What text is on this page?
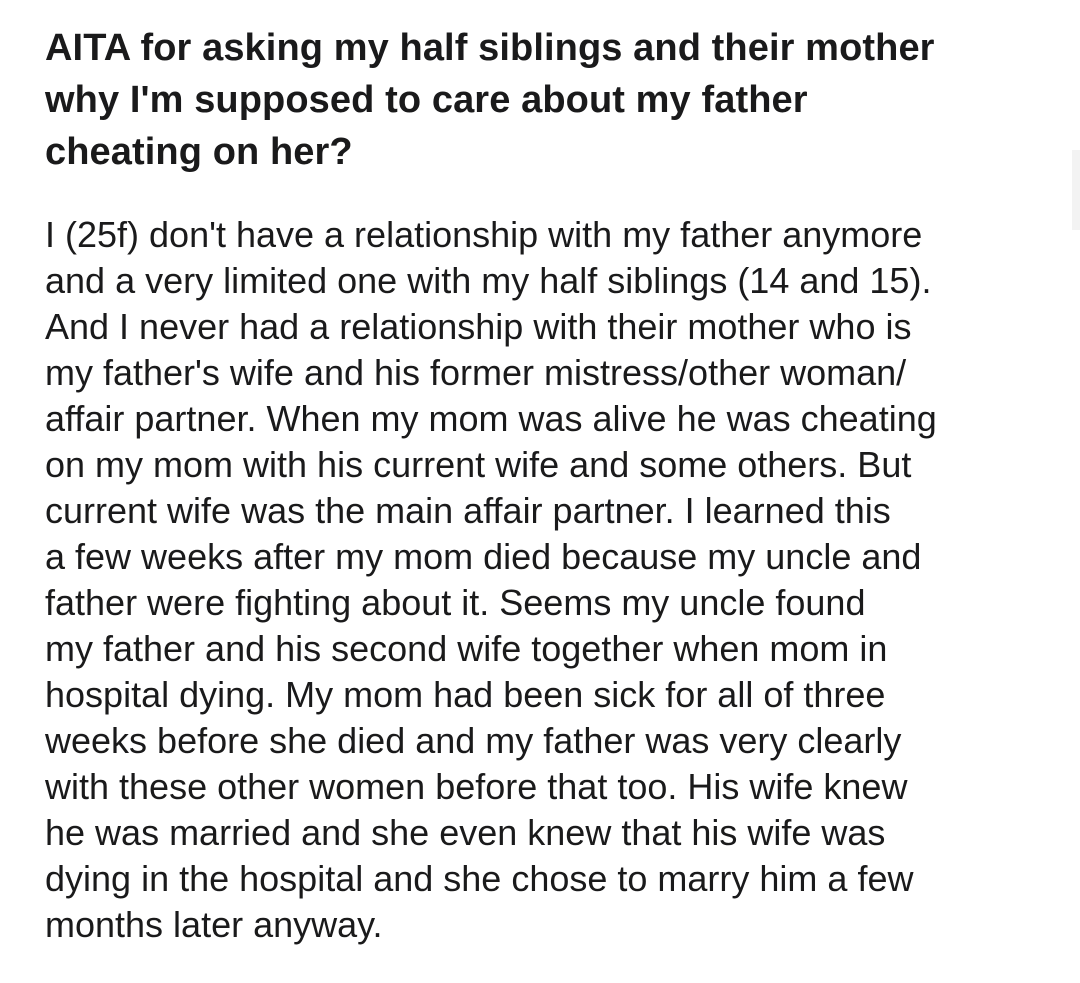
AITA for asking my half siblings and their mother
why I'm supposed to care about my father
cheating on her?
I (25f) don't have a relationship with my father anymore
and a very limited one with my half siblings (14 and 15).
And I never had a relationship with their mother who is
my father's wife and his former mistress/other woman/
affair partner. When my mom was alive he was cheating
on my mom with his current wife and some others. But
current wife was the main affair partner. I learned this
a few weeks after my mom died because my uncle and
father were fighting about it. Seems my uncle found
my father and his second wife together when mom in
hospital dying. My mom had been sick for all of three
weeks before she died and my father was very clearly
with these other women before that too. His wife knew
he was married and she even knew that his wife was
dying in the hospital and she chose to marry him a few
months later anyway.
